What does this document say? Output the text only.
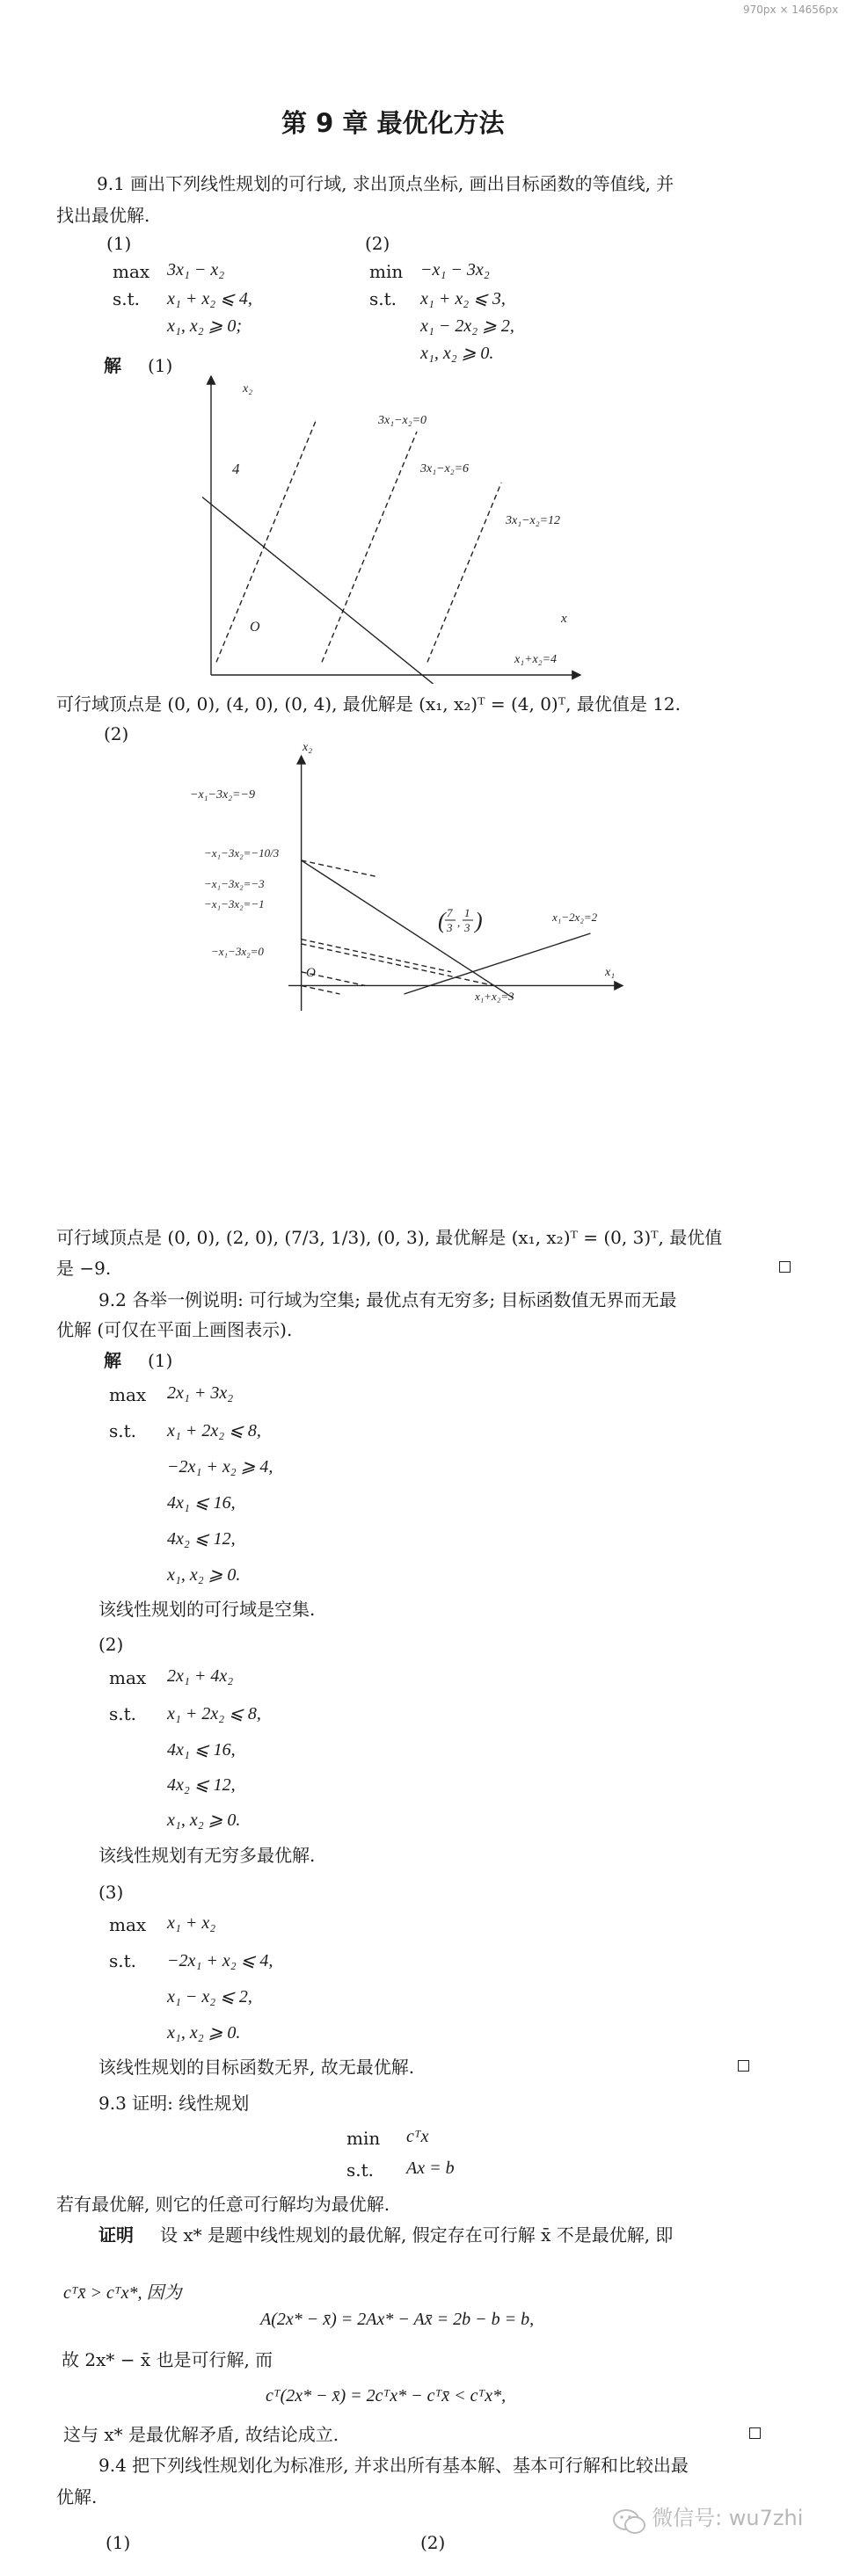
970px × 14656px
第 9 章 最优化方法
9.1 画出下列线性规划的可行域, 求出顶点坐标, 画出目标函数的等值线, 并
找出最优解.
(1)
max 3x₁ − x₂
s.t. x₁ + x₂ ⩽ 4,
x₁, x₂ ⩾ 0;
(2)
min −x₁ − 3x₂
s.t. x₁ + x₂ ⩽ 3,
x₁ − 2x₂ ⩾ 2,
x₁, x₂ ⩾ 0.
解 (1)
O
x
x₂
4
x₁+x₂=4
3x₁−x₂=0
3x₁−x₂=6
3x₁−x₂=12
可行域顶点是 (0, 0), (4, 0), (0, 4), 最优解是 (x₁, x₂)ᵀ = (4, 0)ᵀ, 最优值是 12.
(2)
O	x₁
x₂
−x₁−3x₂=−9
−x₁−3x₂=−10/3
−x₁−3x₂=−3
−x₁−3x₂=−1
−x₁−3x₂=0
x₁+x₂=3
x₁−2x₂=2
( 7
3 ,
1
3 )
可行域顶点是 (0, 0), (2, 0), (7/3, 1/3), (0, 3), 最优解是 (x₁, x₂)ᵀ = (0, 3)ᵀ, 最优值
是 −9.
9.2 各举一例说明: 可行域为空集; 最优点有无穷多; 目标函数值无界而无最
优解 (可仅在平面上画图表示).
解 (1)
max 2x₁ + 3x₂
s.t. x₁ + 2x₂ ⩽ 8,
−2x₁ + x₂ ⩾ 4,
4x₁ ⩽ 16,
4x₂ ⩽ 12,
x₁, x₂ ⩾ 0.
该线性规划的可行域是空集.
(2)
max 2x₁ + 4x₂
s.t. x₁ + 2x₂ ⩽ 8,
4x₁ ⩽ 16,
4x₂ ⩽ 12,
x₁, x₂ ⩾ 0.
该线性规划有无穷多最优解.
(3)
max x₁ + x₂
s.t. −2x₁ + x₂ ⩽ 4,
x₁ − x₂ ⩽ 2,
x₁, x₂ ⩾ 0.
该线性规划的目标函数无界, 故无最优解.
9.3 证明: 线性规划
min cᵀx
s.t. Ax = b
若有最优解, 则它的任意可行解均为最优解.
证明 设 x* 是题中线性规划的最优解, 假定存在可行解 x̄ 不是最优解, 即
cᵀx̄ > cᵀx*, 因为
A(2x* − x̄) = 2Ax* − Ax̄ = 2b − b = b,
故 2x* − x̄ 也是可行解, 而
cᵀ(2x* − x̄) = 2cᵀx* − cᵀx̄ < cᵀx*,
这与 x* 是最优解矛盾, 故结论成立.
9.4 把下列线性规划化为标准形, 并求出所有基本解、基本可行解和比较出最
优解.
(1)	(2)
微信号: wu7zhi
